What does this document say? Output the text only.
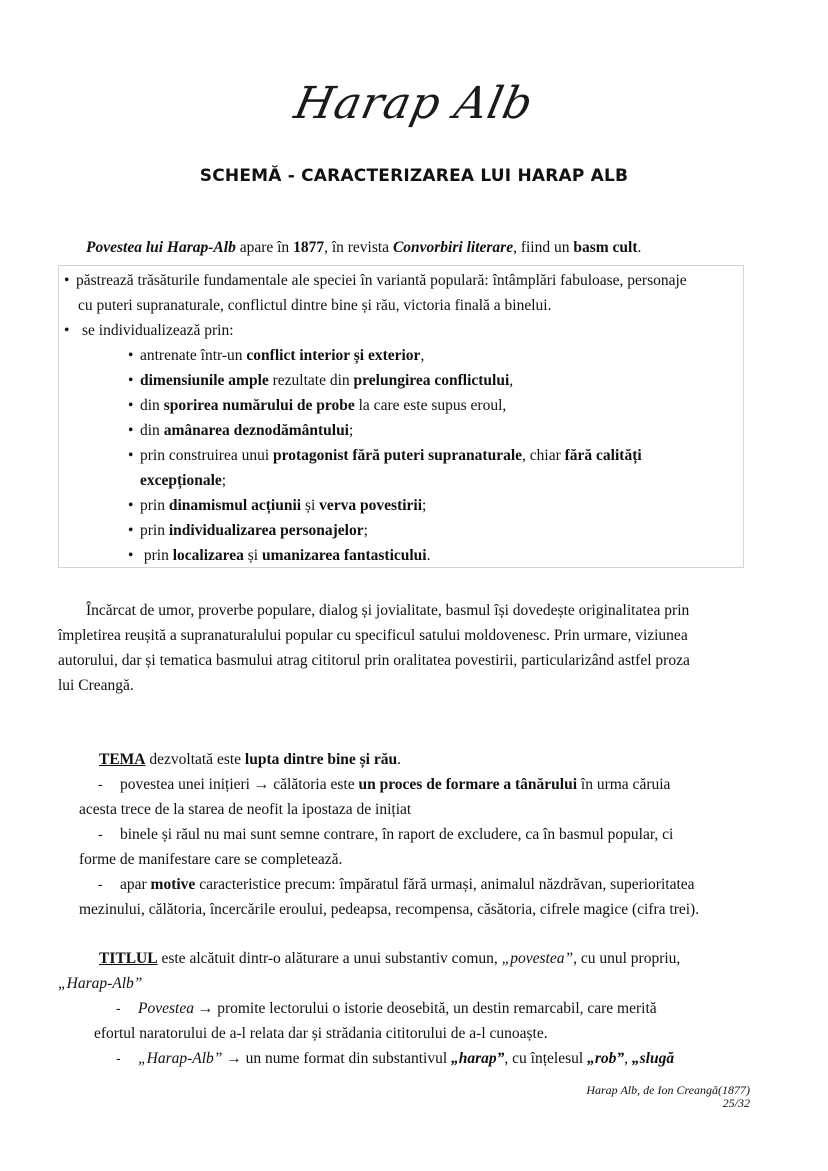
Harap Alb
SCHEMĂ - CARACTERIZAREA LUI HARAP ALB
Povestea lui Harap-Alb apare în 1877, în revista Convorbiri literare, fiind un basm cult.
• păstrează trăsăturile fundamentale ale speciei în variantă populară: întâmplări fabuloase, personaje
cu puteri supranaturale, conflictul dintre bine și rău, victoria finală a binelui.
• se individualizează prin:
• antrenate într-un conflict interior și exterior,
• dimensiunile ample rezultate din prelungirea conflictului,
• din sporirea numărului de probe la care este supus eroul,
• din amânarea deznodământului;
• prin construirea unui protagonist fără puteri supranaturale, chiar fără calități
excepționale;
• prin dinamismul acțiunii și verva povestirii;
• prin individualizarea personajelor;
• prin localizarea și umanizarea fantasticului.
Încărcat de umor, proverbe populare, dialog și jovialitate, basmul își dovedește originalitatea prin
împletirea reușită a supranaturalului popular cu specificul satului moldovenesc. Prin urmare, viziunea
autorului, dar și tematica basmului atrag cititorul prin oralitatea povestirii, particularizând astfel proza
lui Creangă.
TEMA dezvoltată este lupta dintre bine și rău.
- povestea unei inițieri → călătoria este un proces de formare a tânărului în urma căruia
acesta trece de la starea de neofit la ipostaza de inițiat
- binele și răul nu mai sunt semne contrare, în raport de excludere, ca în basmul popular, ci
forme de manifestare care se completează.
- apar motive caracteristice precum: împăratul fără urmași, animalul năzdrăvan, superioritatea
mezinului, călătoria, încercările eroului, pedeapsa, recompensa, căsătoria, cifrele magice (cifra trei).
TITLUL este alcătuit dintr-o alăturare a unui substantiv comun, „povestea”, cu unul propriu,
„Harap-Alb”
- Povestea → promite lectorului o istorie deosebită, un destin remarcabil, care merită
efortul naratorului de a-l relata dar și strădania cititorului de a-l cunoaște.
- „Harap-Alb” → un nume format din substantivul „harap”, cu înțelesul „rob”, „slugă
Harap Alb, de Ion Creangă(1877)
25/32
